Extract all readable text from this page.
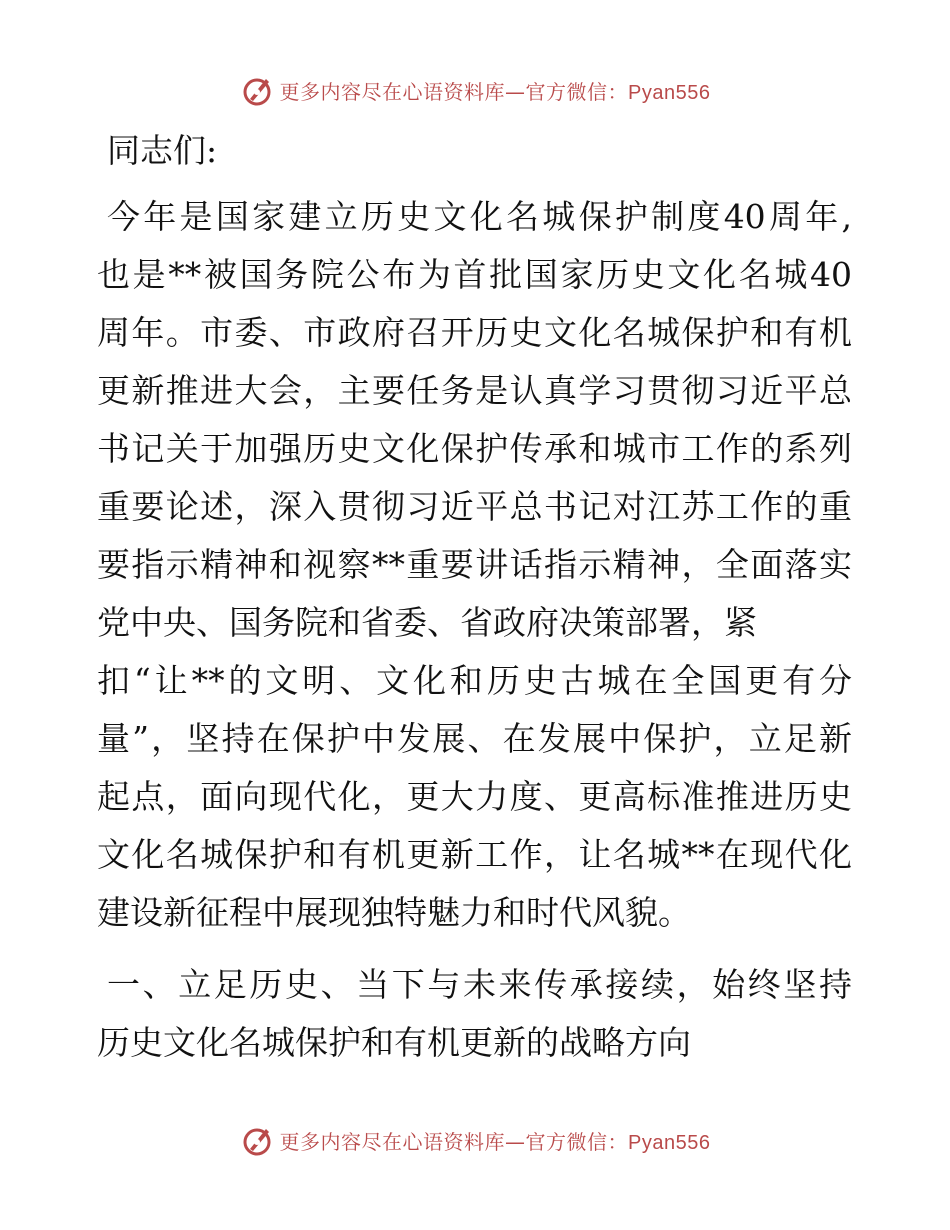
更多内容尽在心语资料库—官方微信：Pyan556
同志们:
今年是国家建立历史文化名城保护制度40周年,
也是**被国务院公布为首批国家历史文化名城40
周年。市委、市政府召开历史文化名城保护和有机
更新推进大会，主要任务是认真学习贯彻习近平总
书记关于加强历史文化保护传承和城市工作的系列
重要论述，深入贯彻习近平总书记对江苏工作的重
要指示精神和视察**重要讲话指示精神，全面落实
党中央、国务院和省委、省政府决策部署，紧
扣“让**的文明、文化和历史古城在全国更有分
量”，坚持在保护中发展、在发展中保护，立足新
起点，面向现代化，更大力度、更高标准推进历史
文化名城保护和有机更新工作，让名城**在现代化
建设新征程中展现独特魅力和时代风貌。
一、立足历史、当下与未来传承接续，始终坚持
历史文化名城保护和有机更新的战略方向
更多内容尽在心语资料库—官方微信：Pyan556
